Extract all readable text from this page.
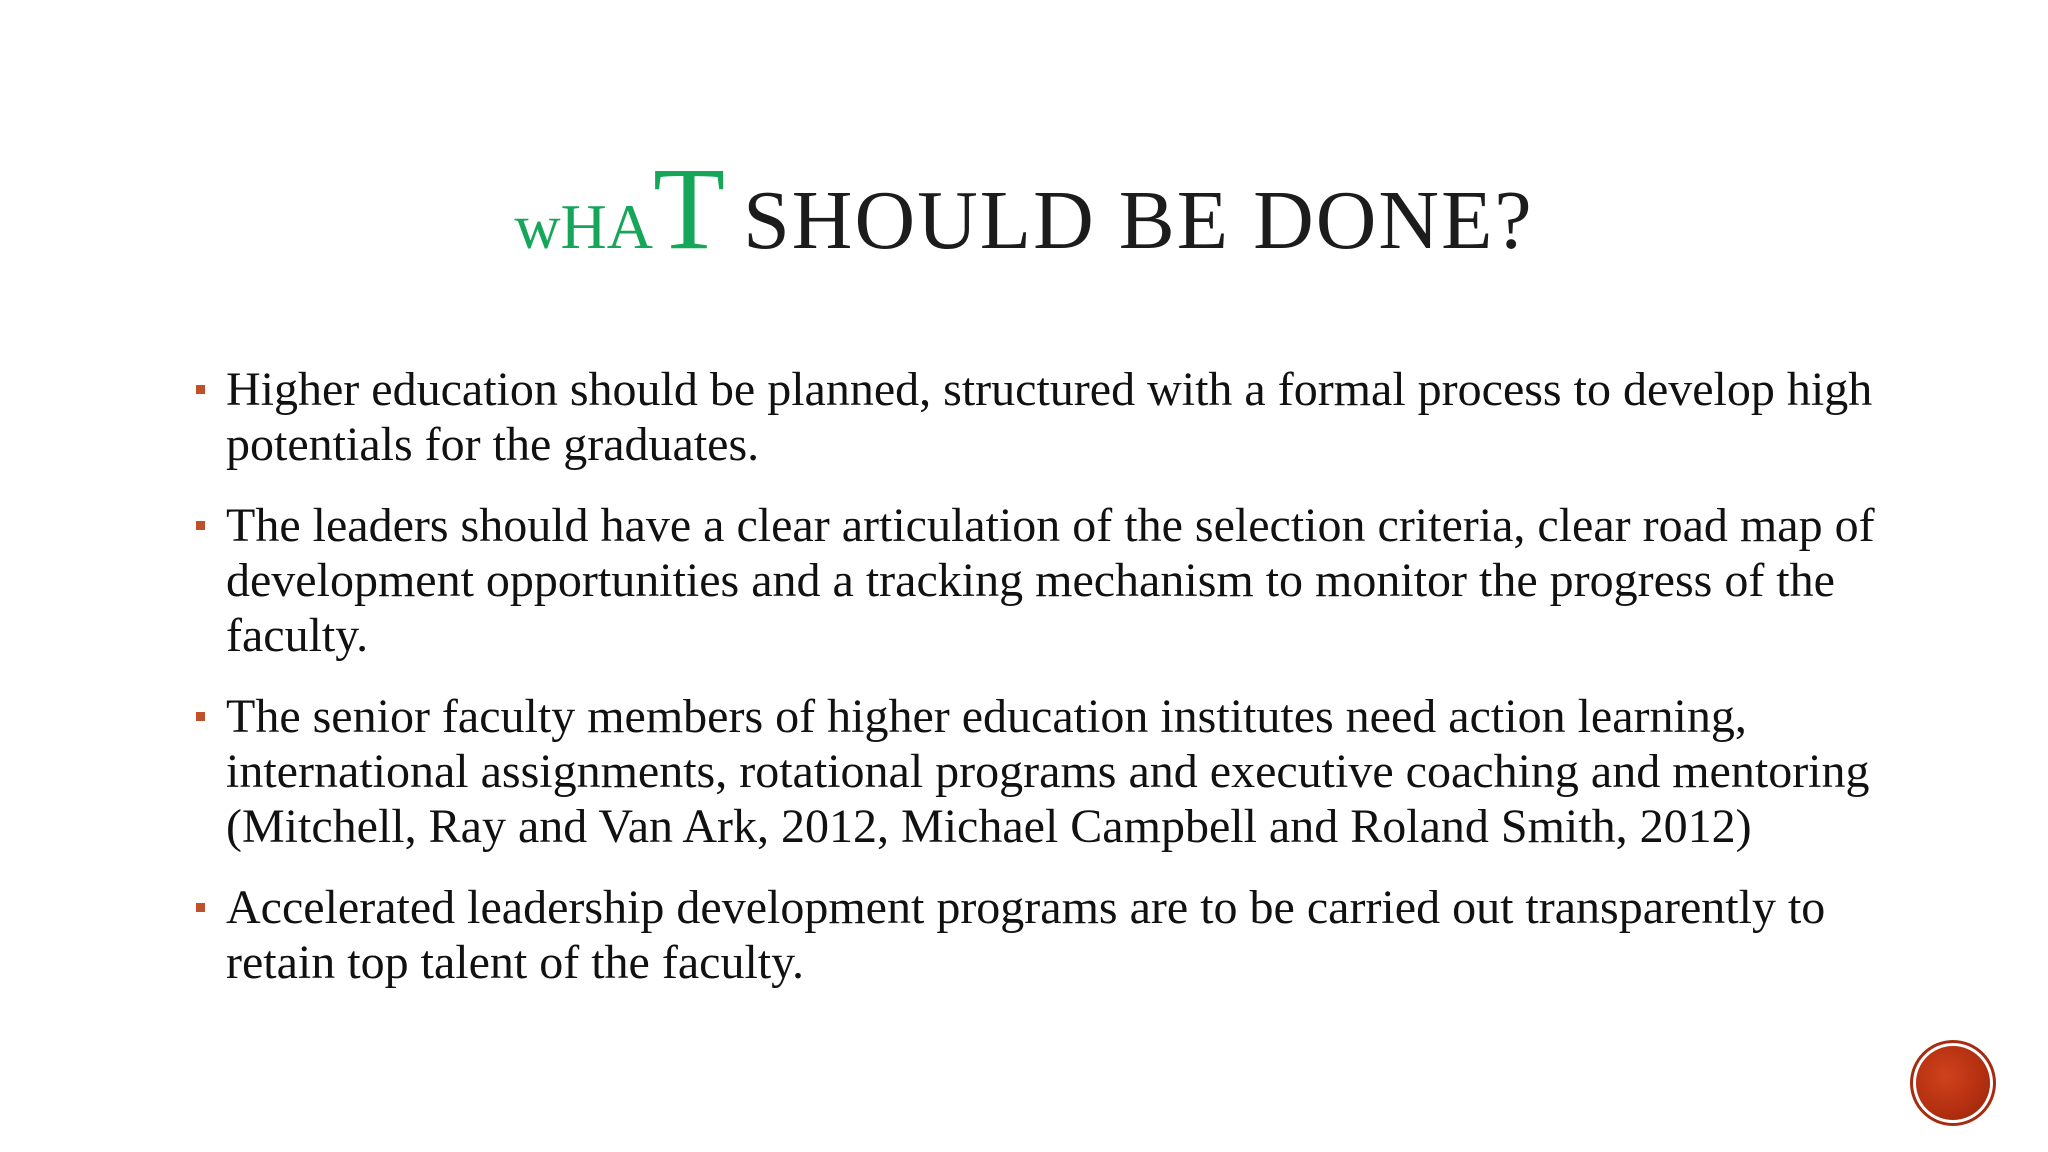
wHAT SHOULD BE DONE?
Higher education should be planned, structured with a formal process to develop high potentials for the graduates.
The leaders should have a clear articulation of the selection criteria, clear road map of development opportunities and a tracking mechanism to monitor the progress of the faculty.
The senior faculty members of higher education institutes need action learning, international assignments, rotational programs and executive coaching and mentoring (Mitchell, Ray and Van Ark, 2012, Michael Campbell and Roland Smith, 2012)
Accelerated leadership development programs are to be carried out transparently to retain top talent of the faculty.
